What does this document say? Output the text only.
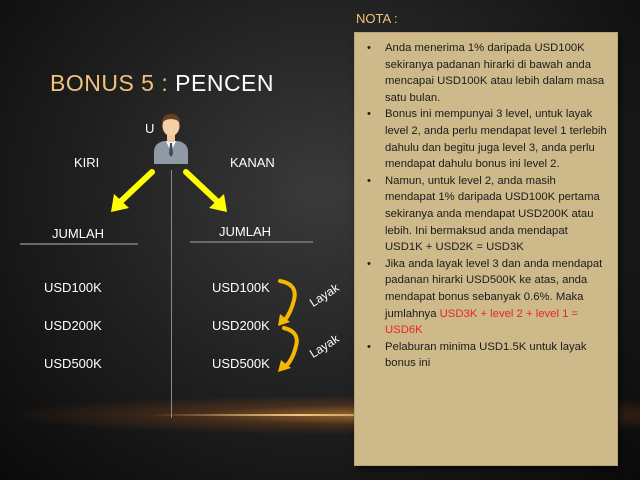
BONUS 5 : PENCEN
U
KIRI	KANAN
JUMLAH	JUMLAH
USD100K
USD200K
USD500K
USD100K
USD200K
USD500K
Layak
Layak
NOTA :
• Anda menerima 1% daripada USD100K sekiranya padanan hirarki di bawah anda mencapai USD100K atau lebih dalam masa satu bulan.
• Bonus ini mempunyai 3 level, untuk layak level 2, anda perlu mendapat level 1 terlebih dahulu dan begitu juga level 3, anda perlu mendapat dahulu bonus ini level 2.
• Namun, untuk level 2, anda masih mendapat 1% daripada USD100K pertama sekiranya anda mendapat USD200K atau lebih. Ini bermaksud anda mendapat USD1K + USD2K = USD3K
• Jika anda layak level 3 dan anda mendapat padanan hirarki USD500K ke atas, anda mendapat bonus sebanyak 0.6%. Maka jumlahnya USD3K + level 2 + level 1 = USD6K
• Pelaburan minima USD1.5K untuk layak bonus ini
